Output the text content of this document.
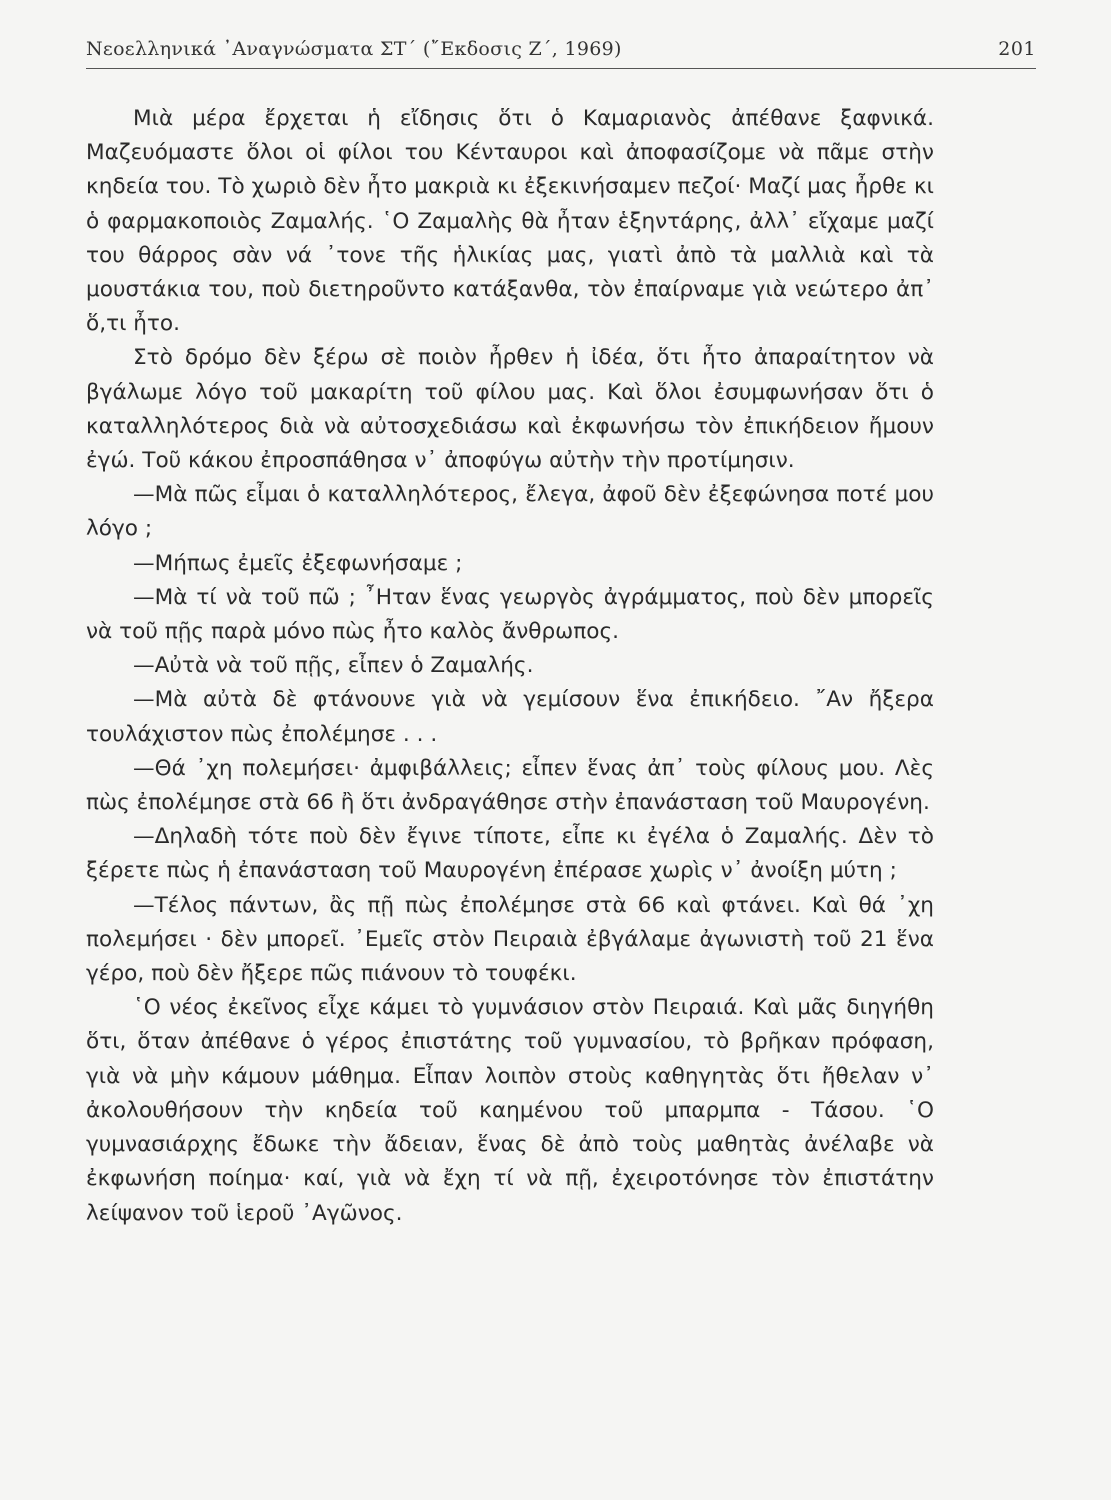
Νεοελληνικά ᾿Αναγνώσματα ΣΤ΄ (῎Εκδοσις Ζ΄, 1969)	201

Μιὰ μέρα ἔρχεται ἡ εἴδησις ὅτι ὁ Καμαριανὸς ἀπέθανε ξαφνικά. Μαζευόμαστε ὅλοι οἱ φίλοι του Κένταυροι καὶ ἀποφασίζομε νὰ πᾶμε στὴν κηδεία του. Τὸ χωριὸ δὲν ἦτο μακριὰ κι ἐξεκινήσαμεν πεζοί· Μαζί μας ἦρθε κι ὁ φαρμακοποιὸς Ζαμαλής. ῾Ο Ζαμαλὴς θὰ ἦταν ἑξηντάρης, ἀλλ᾿ εἴχαμε μαζί του θάρρος σὰν νά ᾿τονε τῆς ἡλικίας μας, γιατὶ ἀπὸ τὰ μαλλιὰ καὶ τὰ μουστάκια του, ποὺ διετηροῦντο κατάξανθα, τὸν ἐπαίρναμε γιὰ νεώτερο ἀπ᾿ ὅ,τι ἦτο.

Στὸ δρόμο δὲν ξέρω σὲ ποιὸν ἦρθεν ἡ ἰδέα, ὅτι ἦτο ἀπαραίτητον νὰ βγάλωμε λόγο τοῦ μακαρίτη τοῦ φίλου μας. Καὶ ὅλοι ἐσυμφωνήσαν ὅτι ὁ καταλληλότερος διὰ νὰ αὐτοσχεδιάσω καὶ ἐκφωνήσω τὸν ἐπικήδειον ἤμουν ἐγώ. Τοῦ κάκου ἐπροσπάθησα ν᾿ ἀποφύγω αὐτὴν τὴν προτίμησιν.

—Μὰ πῶς εἶμαι ὁ καταλληλότερος, ἔλεγα, ἀφοῦ δὲν ἐξεφώνησα ποτέ μου λόγο ;

—Μήπως ἐμεῖς ἐξεφωνήσαμε ;

—Μὰ τί νὰ τοῦ πῶ ; ῏Ηταν ἕνας γεωργὸς ἀγράμματος, ποὺ δὲν μπορεῖς νὰ τοῦ πῇς παρὰ μόνο πὼς ἦτο καλὸς ἄνθρωπος.

—Αὐτὰ νὰ τοῦ πῇς, εἶπεν ὁ Ζαμαλής.

—Μὰ αὐτὰ δὲ φτάνουνε γιὰ νὰ γεμίσουν ἕνα ἐπικήδειο. ῎Αν ἤξερα τουλάχιστον πὼς ἐπολέμησε . . .

—Θά ᾿χη πολεμήσει· ἀμφιβάλλεις; εἶπεν ἕνας ἀπ᾿ τοὺς φίλους μου. Λὲς πὼς ἐπολέμησε στὰ 66 ἢ ὅτι ἀνδραγάθησε στὴν ἐπανάσταση τοῦ Μαυρογένη.

—Δηλαδὴ τότε ποὺ δὲν ἔγινε τίποτε, εἶπε κι ἐγέλα ὁ Ζαμαλής. Δὲν τὸ ξέρετε πὼς ἡ ἐπανάσταση τοῦ Μαυρογένη ἐπέρασε χωρὶς ν᾿ ἀνοίξη μύτη ;

—Τέλος πάντων, ἂς πῇ πὼς ἐπολέμησε στὰ 66 καὶ φτάνει. Καὶ θά ᾿χη πολεμήσει · δὲν μπορεῖ. ᾿Εμεῖς στὸν Πειραιὰ ἐβγάλαμε ἀγωνιστὴ τοῦ 21 ἕνα γέρο, ποὺ δὲν ἤξερε πῶς πιάνουν τὸ τουφέκι.

῾Ο νέος ἐκεῖνος εἶχε κάμει τὸ γυμνάσιον στὸν Πειραιά. Καὶ μᾶς διηγήθη ὅτι, ὅταν ἀπέθανε ὁ γέρος ἐπιστάτης τοῦ γυμνασίου, τὸ βρῆκαν πρόφαση, γιὰ νὰ μὴν κάμουν μάθημα. Εἶπαν λοιπὸν στοὺς καθηγητὰς ὅτι ἤθελαν ν᾿ ἀκολουθήσουν τὴν κηδεία τοῦ καημένου τοῦ μπαρμπα - Τάσου. ῾Ο γυμνασιάρχης ἔδωκε τὴν ἄδειαν, ἕνας δὲ ἀπὸ τοὺς μαθητὰς ἀνέλαβε νὰ ἐκφωνήση ποίημα· καί, γιὰ νὰ ἔχη τί νὰ πῇ, ἐχειροτόνησε τὸν ἐπιστάτην λείψανον τοῦ ἱεροῦ ᾿Αγῶνος.
